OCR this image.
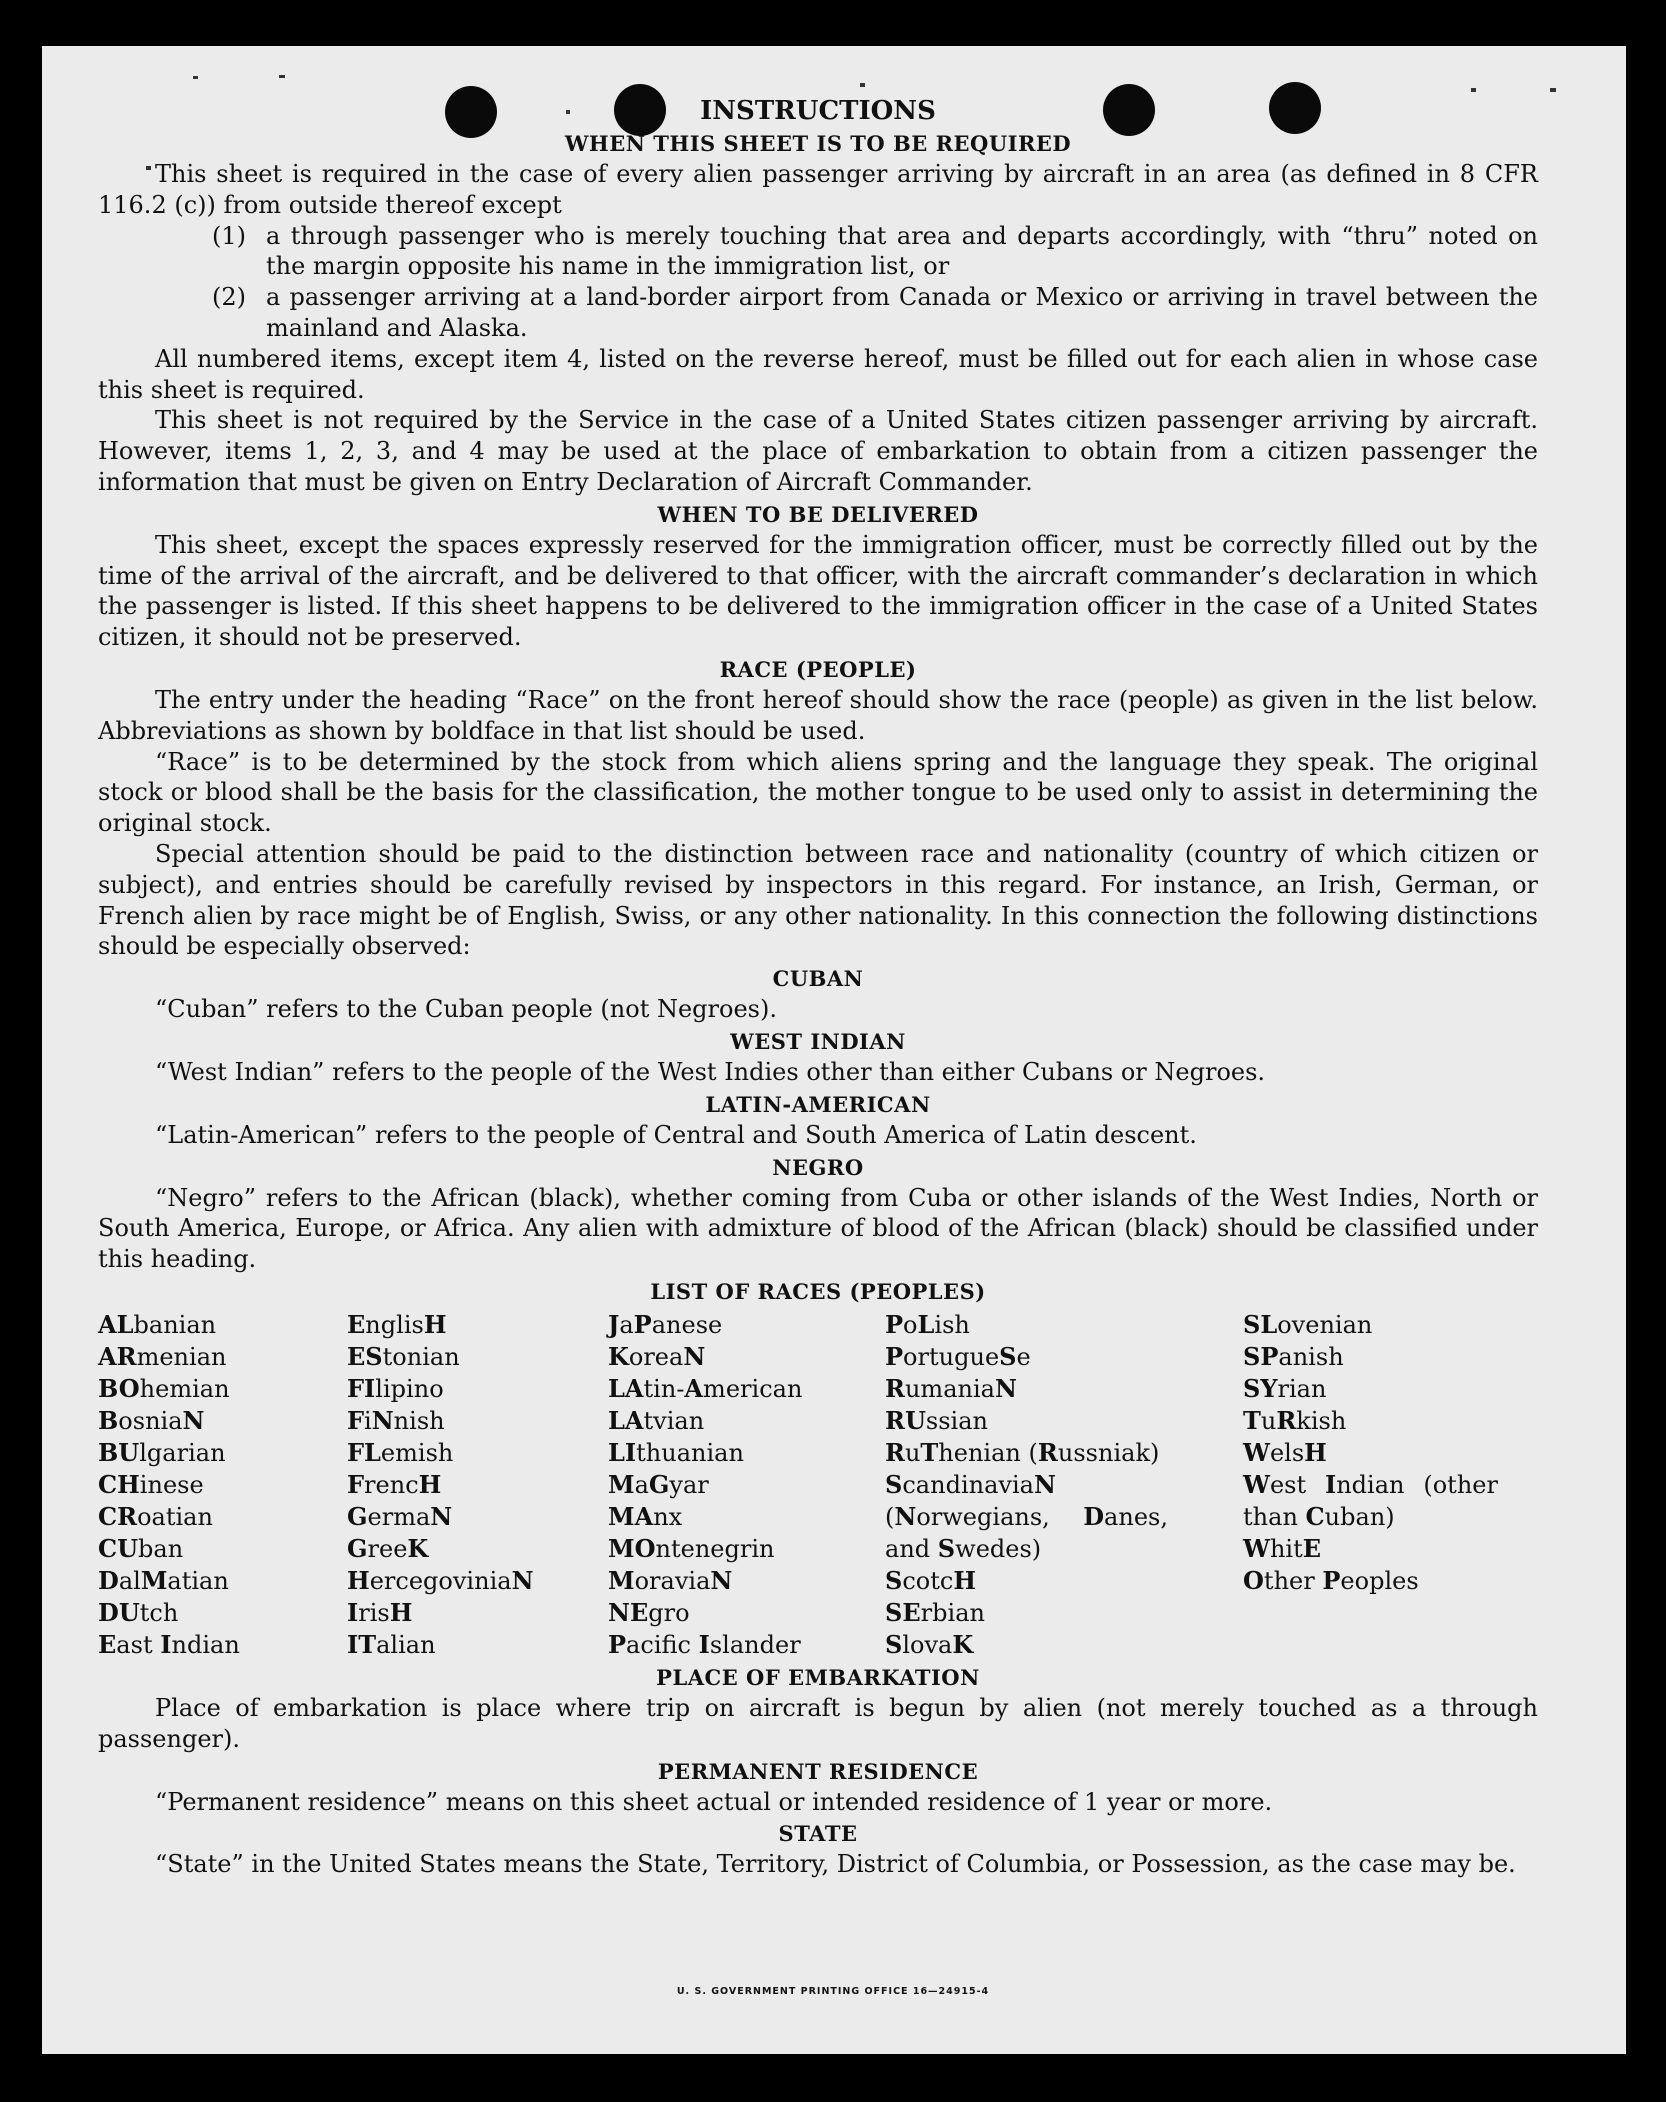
INSTRUCTIONS
WHEN THIS SHEET IS TO BE REQUIRED

This sheet is required in the case of every alien passenger arriving by aircraft in an area (as defined in 8 CFR 116.2 (c)) from outside thereof except

(1) a through passenger who is merely touching that area and departs accordingly, with “thru” noted on the margin opposite his name in the immigration list, or
(2) a passenger arriving at a land-border airport from Canada or Mexico or arriving in travel between the mainland and Alaska.

All numbered items, except item 4, listed on the reverse hereof, must be filled out for each alien in whose case this sheet is required.

This sheet is not required by the Service in the case of a United States citizen passenger arriving by aircraft. However, items 1, 2, 3, and 4 may be used at the place of embarkation to obtain from a citizen passenger the information that must be given on Entry Declaration of Aircraft Commander.

WHEN TO BE DELIVERED

This sheet, except the spaces expressly reserved for the immigration officer, must be correctly filled out by the time of the arrival of the aircraft, and be delivered to that officer, with the aircraft commander’s declaration in which the passenger is listed. If this sheet happens to be delivered to the immigration officer in the case of a United States citizen, it should not be preserved.

RACE (PEOPLE)

The entry under the heading “Race” on the front hereof should show the race (people) as given in the list below. Abbreviations as shown by boldface in that list should be used.

“Race” is to be determined by the stock from which aliens spring and the language they speak. The original stock or blood shall be the basis for the classification, the mother tongue to be used only to assist in determining the original stock.

Special attention should be paid to the distinction between race and nationality (country of which citizen or subject), and entries should be carefully revised by inspectors in this regard. For instance, an Irish, German, or French alien by race might be of English, Swiss, or any other nationality. In this connection the following distinctions should be especially observed:

CUBAN

“Cuban” refers to the Cuban people (not Negroes).

WEST INDIAN

“West Indian” refers to the people of the West Indies other than either Cubans or Negroes.

LATIN-AMERICAN

“Latin-American” refers to the people of Central and South America of Latin descent.

NEGRO

“Negro” refers to the African (black), whether coming from Cuba or other islands of the West Indies, North or South America, Europe, or Africa. Any alien with admixture of blood of the African (black) should be classified under this heading.

LIST OF RACES (PEOPLES)
ALbanian
ARmenian
BOhemian
BosniaN
BUlgarian
CHinese
CRoatian
CUban
DalMatian
DUtch
East Indian
EnglisH
EStonian
FIlipino
FiNnish
FLemish
FrencH
GermaN
GreeK
HercegoviniaN
IrisH
ITalian
JaPanese
KoreaN
LAtin-American
LAtvian
LIthuanian
MaGyar
MAnx
MOntenegrin
MoraviaN
NEgro
Pacifc Islander
PoLish
PortugueSe
RumaniaN
RUssian
RuThenian (Russniak)
ScandinaviaN (Norwegians, Danes, and Swedes)
ScotcH
SErbian
SlovaK
SLovenian
SPanish
SYrian
TuRkish
WelsH
West Indian (other than Cuban)
WhitE
Other Peoples
PLACE OF EMBARKATION

Place of embarkation is place where trip on aircraft is begun by alien (not merely touched as a through passenger).

PERMANENT RESIDENCE

“Permanent residence” means on this sheet actual or intended residence of 1 year or more.

STATE

“State” in the United States means the State, Territory, District of Columbia, or Possession, as the case may be.

U. S. GOVERNMENT PRINTING OFFICE 16—24915-4
